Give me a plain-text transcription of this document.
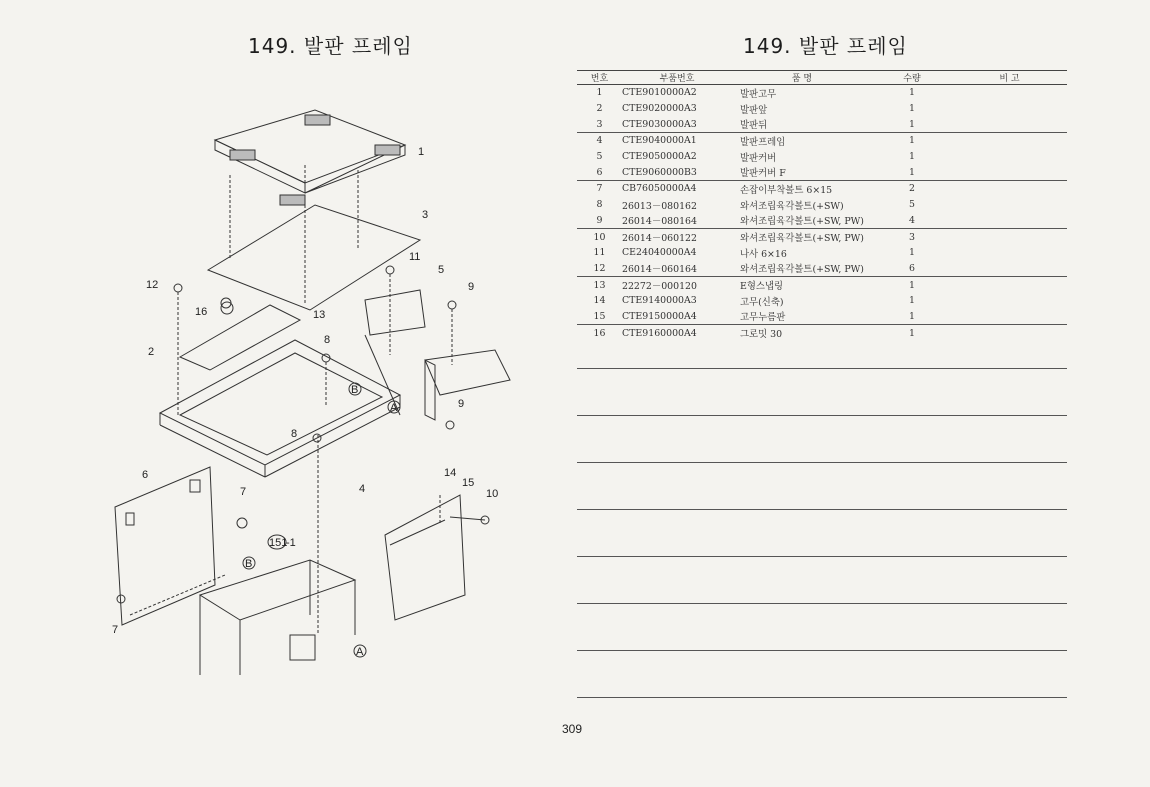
149. 발판 프레임
1
3
11
5
9
12
16	13
2
8
B
A	9
8
4
6
7
14
15
10
151
-1
B
7
A
149. 발판 프레임
번호	부품번호	품 명	수량	비 고
1	CTE9010000A2	발판고무	1	
2	CTE9020000A3	발판앞	1	
3	CTE9030000A3	발판뒤	1	
4	CTE9040000A1	발판프레임	1	
5	CTE9050000A2	발판커버	1	
6	CTE9060000B3	발판커버 F	1	
7	CB76050000A4	손잡이부착볼트 6×15	2	
8	26013－080162	와셔조립육각볼트(+SW)	5	
9	26014－080164	와셔조립육각볼트(+SW, PW)	4	
10	26014－060122	와셔조립육각볼트(+SW, PW)	3	
11	CE24040000A4	나사 6×16	1	
12	26014－060164	와셔조립육각볼트(+SW, PW)	6	
13	22272－000120	E형스냅링	1	
14	CTE9140000A3	고무(신축)	1	
15	CTE9150000A4	고무누름판	1	
16	CTE9160000A4	그로밋 30	1	
309
